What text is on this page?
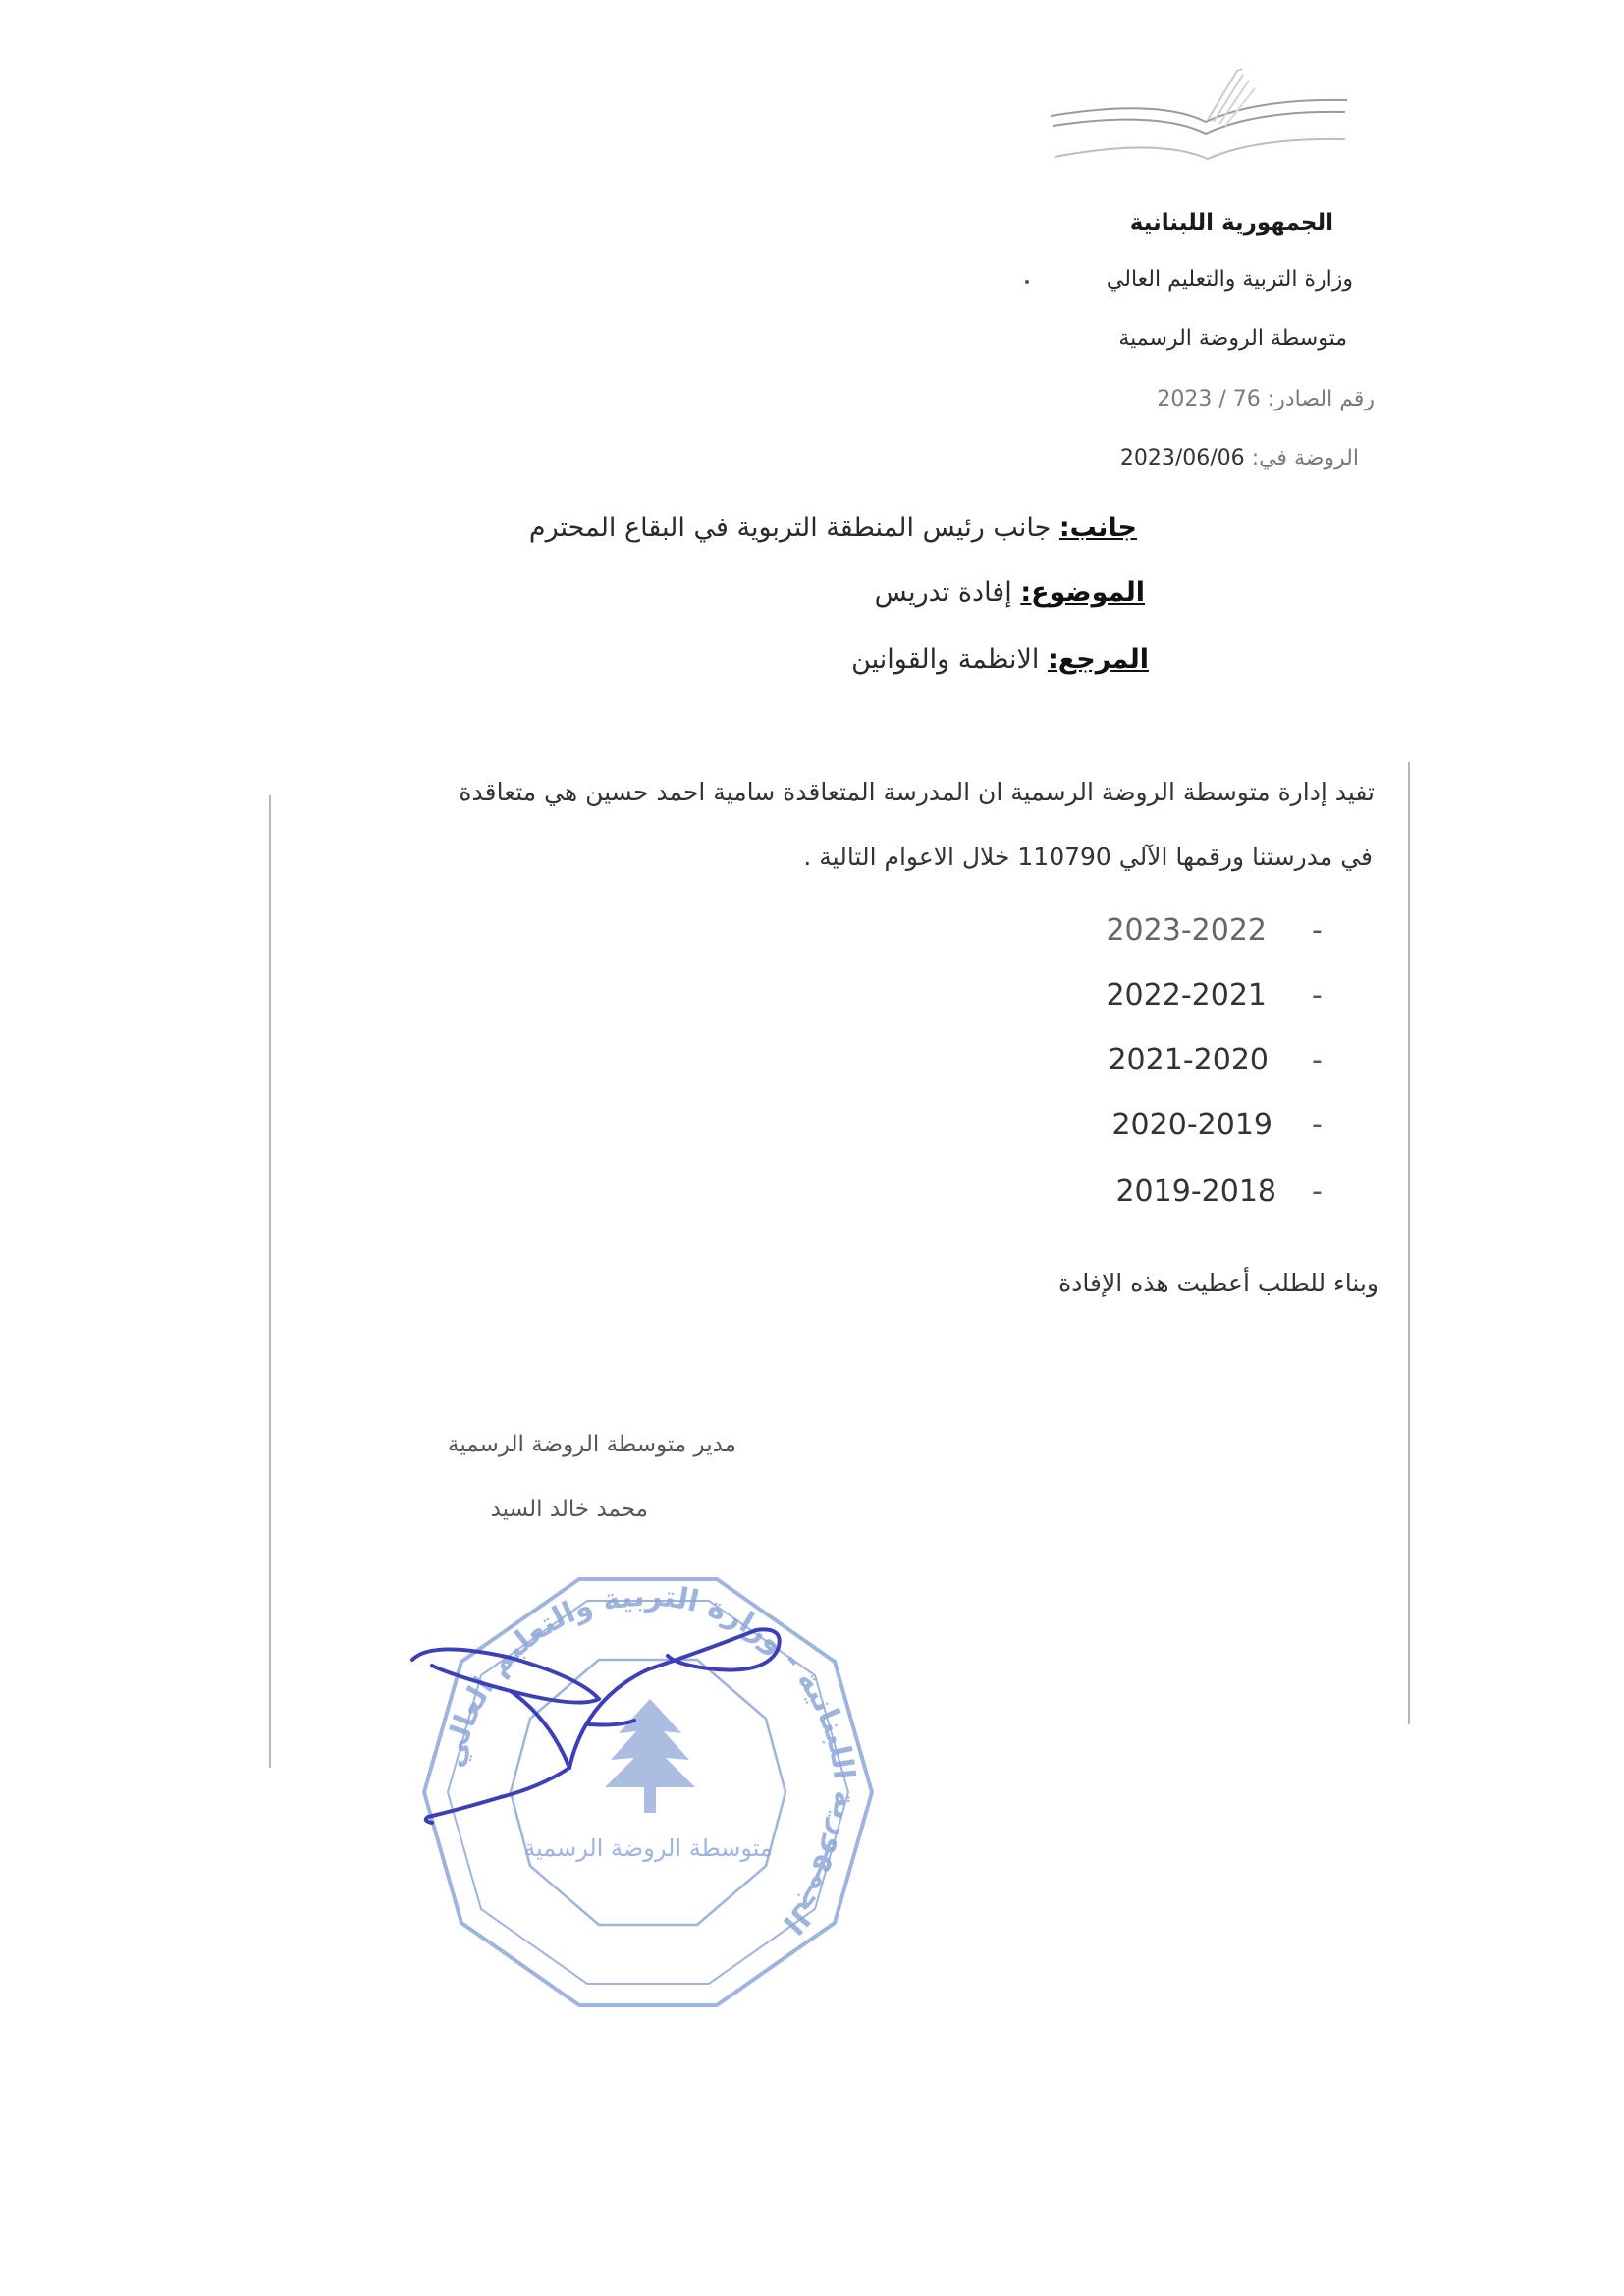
الجمهورية اللبنانية
وزارة التربية والتعليم العالي
متوسطة الروضة الرسمية
رقم الصادر: 2023 / 76
الروضة في: 2023/06/06
جانب: جانب رئيس المنطقة التربوية في البقاع المحترم
الموضوع: إفادة تدريس
المرجع: الانظمة والقوانين
تفيد إدارة متوسطة الروضة الرسمية ان المدرسة المتعاقدة سامية احمد حسين هي متعاقدة
في مدرستنا ورقمها الآلي 110790 خلال الاعوام التالية .
-
2023-2022
-
2022-2021
-
2021-2020
-
2020-2019
-
2019-2018
وبناء للطلب أعطيت هذه الإفادة
مدير متوسطة الروضة الرسمية
محمد خالد السيد
الجمهورية اللبنانية - وزارة التربية والتعليم العالي
متوسطة الروضة الرسمية
